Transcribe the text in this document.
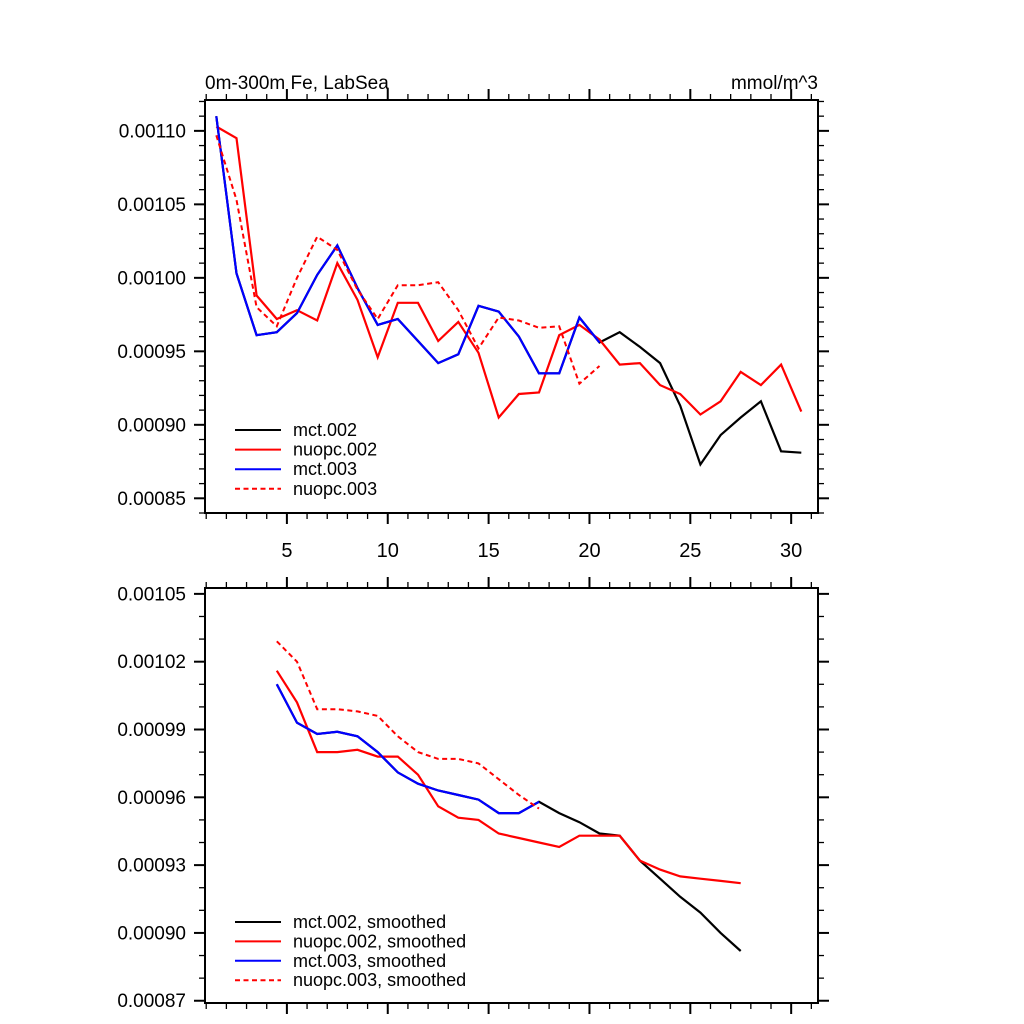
0m-300m Fe, LabSea	mmol/m^3
0.00085
0.00090
0.00095
0.00100
0.00105
0.00110
5	10	15	20	25	30
mct.002
nuopc.002
mct.003
nuopc.003
0.00087
0.00090
0.00093
0.00096
0.00099
0.00102
0.00105
mct.002, smoothed
nuopc.002, smoothed
mct.003, smoothed
nuopc.003, smoothed
